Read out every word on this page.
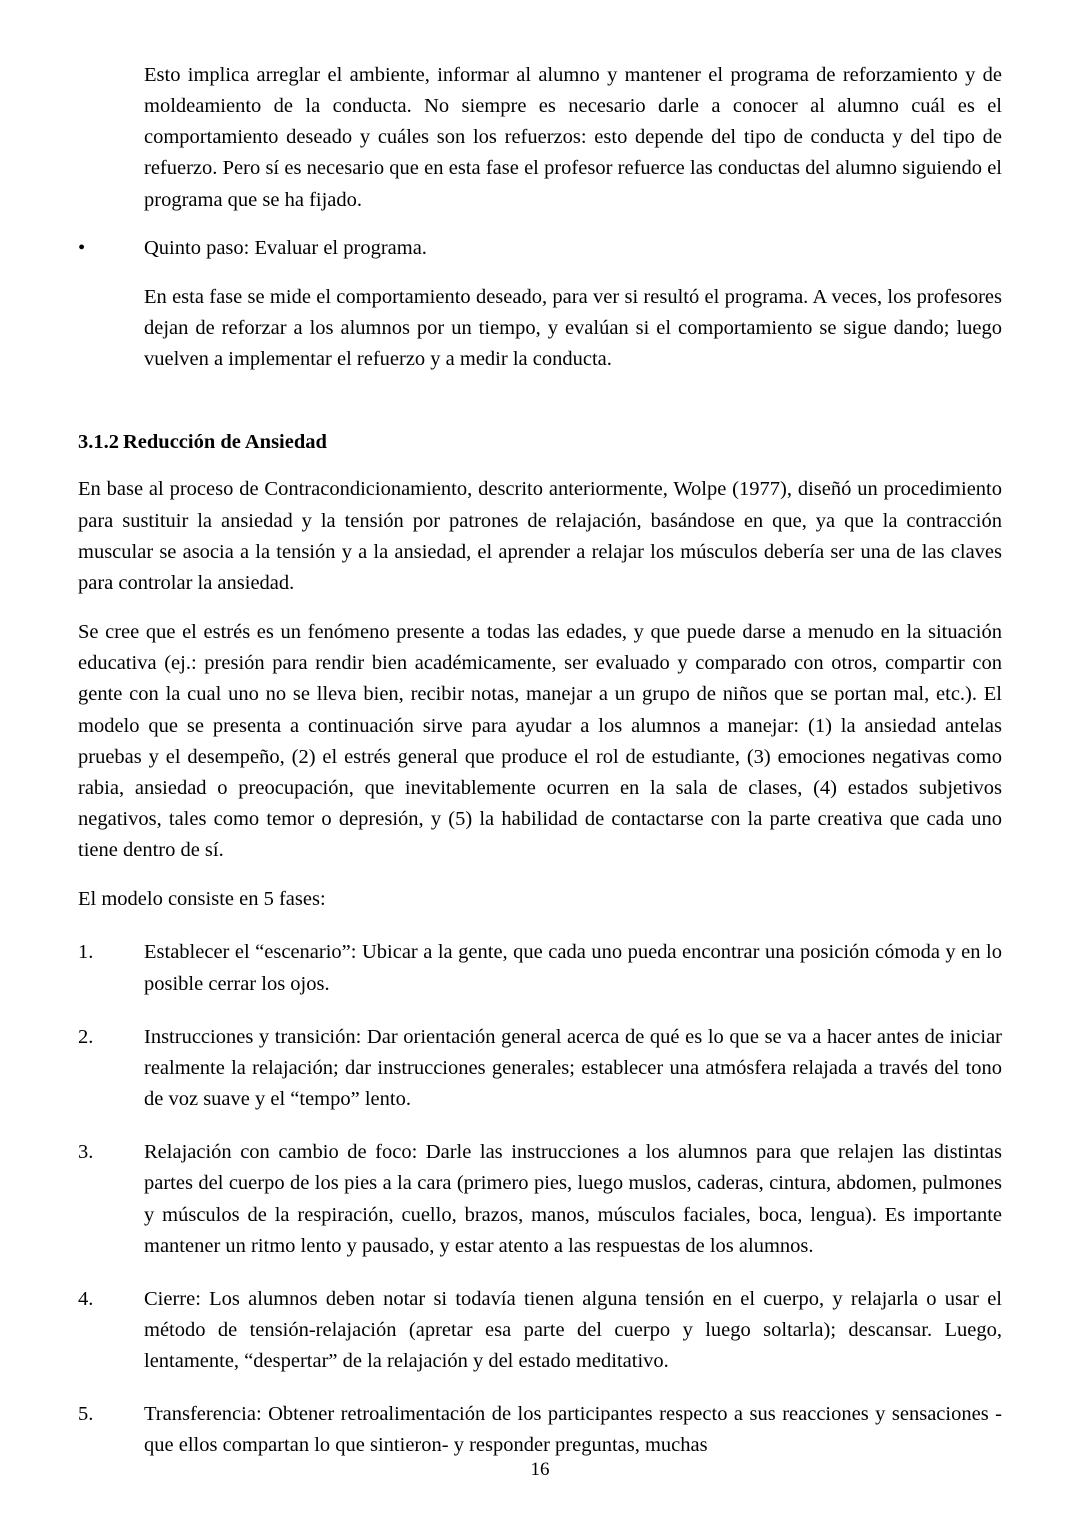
Esto implica arreglar el ambiente, informar al alumno y mantener el programa de reforzamiento y de moldeamiento de la conducta. No siempre es necesario darle a conocer al alumno cuál es el comportamiento deseado y cuáles son los refuerzos: esto depende del tipo de conducta y del tipo de refuerzo. Pero sí es necesario que en esta fase el profesor refuerce las conductas del alumno siguiendo el programa que se ha fijado.

•	Quinto paso: Evaluar el programa.

En esta fase se mide el comportamiento deseado, para ver si resultó el programa. A veces, los profesores dejan de reforzar a los alumnos por un tiempo, y evalúan si el comportamiento se sigue dando; luego vuelven a implementar el refuerzo y a medir la conducta.

3.1.2 Reducción de Ansiedad

En base al proceso de Contracondicionamiento, descrito anteriormente, Wolpe (1977), diseñó un procedimiento para sustituir la ansiedad y la tensión por patrones de relajación, basándose en que, ya que la contracción muscular se asocia a la tensión y a la ansiedad, el aprender a relajar los músculos debería ser una de las claves para controlar la ansiedad.

Se cree que el estrés es un fenómeno presente a todas las edades, y que puede darse a menudo en la situación educativa (ej.: presión para rendir bien académicamente, ser evaluado y comparado con otros, compartir con gente con la cual uno no se lleva bien, recibir notas, manejar a un grupo de niños que se portan mal, etc.). El modelo que se presenta a continuación sirve para ayudar a los alumnos a manejar: (1) la ansiedad antelas pruebas y el desempeño, (2) el estrés general que produce el rol de estudiante, (3) emociones negativas como rabia, ansiedad o preocupación, que inevitablemente ocurren en la sala de clases, (4) estados subjetivos negativos, tales como temor o depresión, y (5) la habilidad de contactarse con la parte creativa que cada uno tiene dentro de sí.

El modelo consiste en 5 fases:

1.	Establecer el “escenario”: Ubicar a la gente, que cada uno pueda encontrar una posición cómoda y en lo posible cerrar los ojos.
2.	Instrucciones y transición: Dar orientación general acerca de qué es lo que se va a hacer antes de iniciar realmente la relajación; dar instrucciones generales; establecer una atmósfera relajada a través del tono de voz suave y el “tempo” lento.
3.	Relajación con cambio de foco: Darle las instrucciones a los alumnos para que relajen las distintas partes del cuerpo de los pies a la cara (primero pies, luego muslos, caderas, cintura, abdomen, pulmones y músculos de la respiración, cuello, brazos, manos, músculos faciales, boca, lengua). Es importante mantener un ritmo lento y pausado, y estar atento a las respuestas de los alumnos.
4.	Cierre: Los alumnos deben notar si todavía tienen alguna tensión en el cuerpo, y relajarla o usar el método de tensión-relajación (apretar esa parte del cuerpo y luego soltarla); descansar. Luego, lentamente, “despertar” de la relajación y del estado meditativo.
5.	Transferencia: Obtener retroalimentación de los participantes respecto a sus reacciones y sensaciones -que ellos compartan lo que sintieron- y responder preguntas, muchas
16
